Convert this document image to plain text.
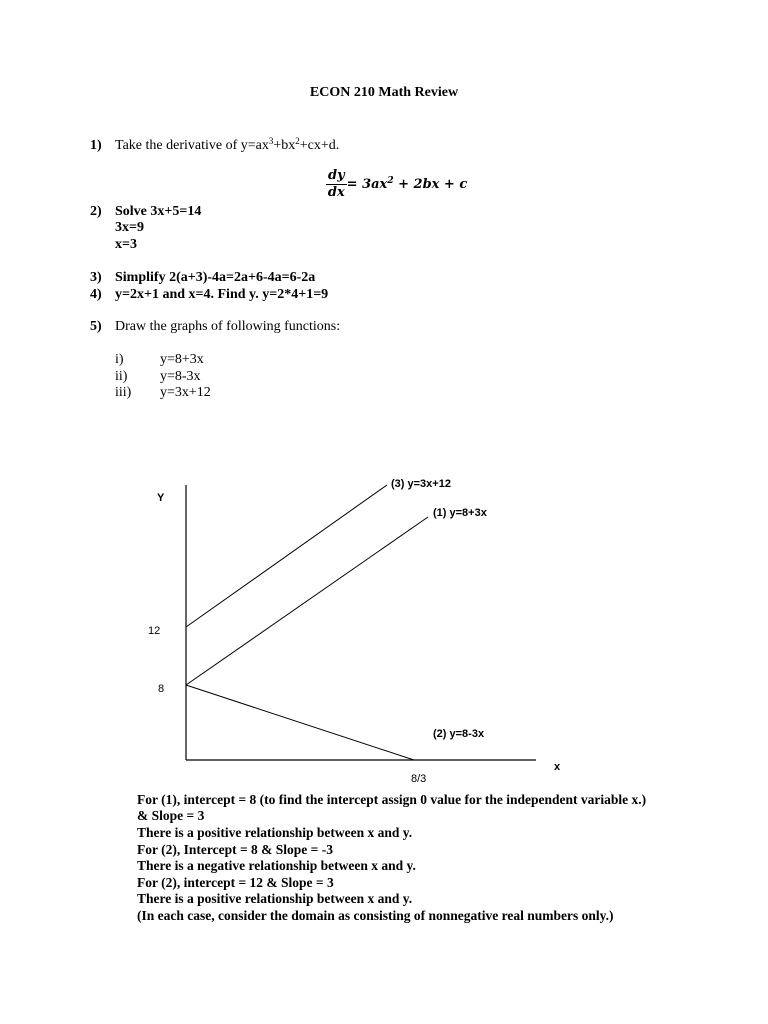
ECON 210 Math Review
1) Take the derivative of $y=ax^3+bx^2+cx+d$.
$\frac{dy}{dx} = 3ax^2 + 2bx + c$
2) Solve 3x+5=14
3x=9
x=3
3) Simplify 2(a+3)-4a=2a+6-4a=6-2a
4) y=2x+1 and x=4. Find y. y=2*4+1=9
5) Draw the graphs of following functions:
i)	y=8+3x
ii) y=8-3x
iii) y=3x+12
Y
x
12
8
8/3
(3) y=3x+12
(1) y=8+3x
(2) y=8-3x
For (1), intercept = 8 (to find the intercept assign 0 value for the independent variable x.)
& Slope = 3
There is a positive relationship between x and y.
For (2), Intercept = 8 & Slope = -3
There is a negative relationship between x and y.
For (2), intercept = 12 & Slope = 3
There is a positive relationship between x and y.
(In each case, consider the domain as consisting of nonnegative real numbers only.)
